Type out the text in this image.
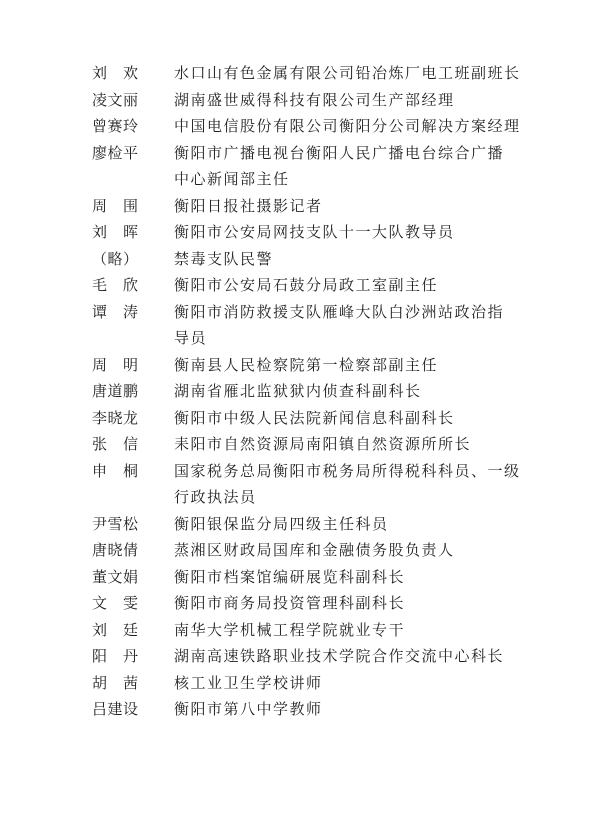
刘　欢	水口山有色金属有限公司铅冶炼厂电工班副班长
凌文丽	湖南盛世威得科技有限公司生产部经理
曾赛玲	中国电信股份有限公司衡阳分公司解决方案经理
廖检平	衡阳市广播电视台衡阳人民广播电台综合广播
中心新闻部主任
周　围	衡阳日报社摄影记者
刘　晖	衡阳市公安局网技支队十一大队教导员
（略）	禁毒支队民警
毛　欣	衡阳市公安局石鼓分局政工室副主任
谭　涛	衡阳市消防救援支队雁峰大队白沙洲站政治指
导员
周　明	衡南县人民检察院第一检察部副主任
唐道鹏	湖南省雁北监狱狱内侦查科副科长
李晓龙	衡阳市中级人民法院新闻信息科副科长
张　信	耒阳市自然资源局南阳镇自然资源所所长
申　桐	国家税务总局衡阳市税务局所得税科科员、一级
行政执法员
尹雪松	衡阳银保监分局四级主任科员
唐晓倩	蒸湘区财政局国库和金融债务股负责人
董文娟	衡阳市档案馆编研展览科副科长
文　雯	衡阳市商务局投资管理科副科长
刘　廷	南华大学机械工程学院就业专干
阳　丹	湖南高速铁路职业技术学院合作交流中心科长
胡　茜	核工业卫生学校讲师
吕建设	衡阳市第八中学教师
